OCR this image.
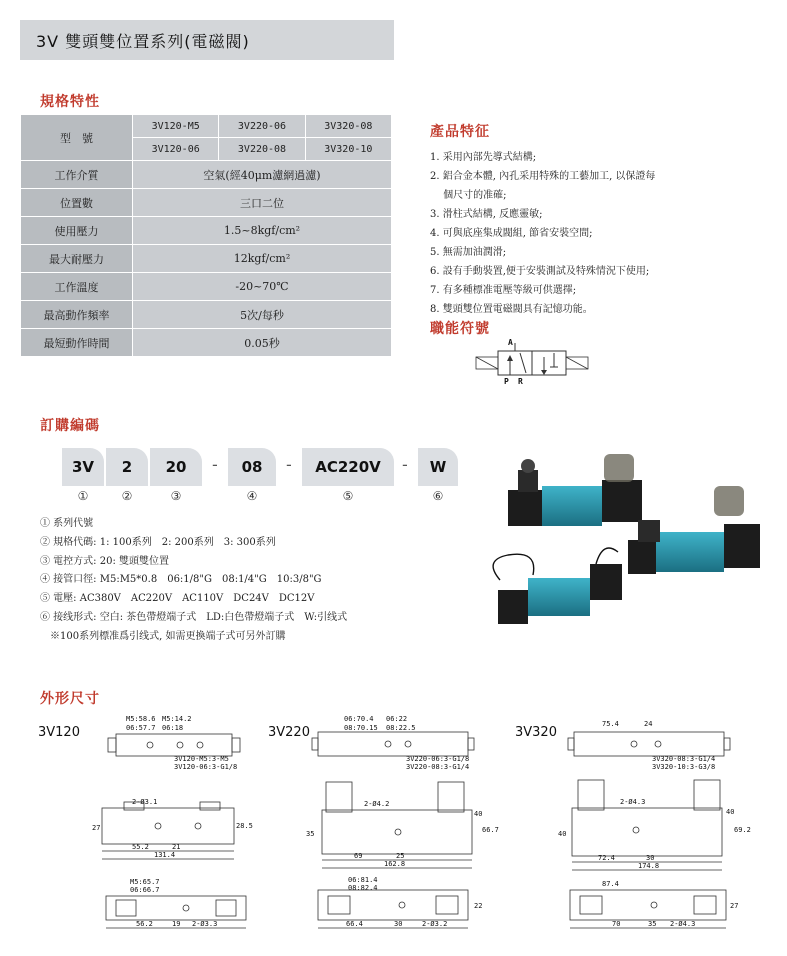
3V 雙頭雙位置系列(電磁閥)
規格特性
型　號	3V120-M5	3V220-06	3V320-08
	3V120-06	3V220-08	3V320-10
工作介質	空氣(經40μm濾網過濾)		
位置數	三口二位		
使用壓力	1.5~8kgf/cm²		
最大耐壓力	12kgf/cm²		
工作溫度	-20~70℃		
最高動作頻率	5次/每秒		
最短動作時間	0.05秒		
產品特征
1. 采用內部先導式結構;
2. 鋁合金本體, 內孔采用特殊的工藝加工, 以保證每
　 個尺寸的准確;
3. 滑柱式結構, 反應靈敏;
4. 可與底座集成閥組, 節省安裝空間;
5. 無需加油潤滑;
6. 設有手動裝置,便于安裝測試及特殊情況下使用;
7. 有多種標准電壓等級可供選擇;
8. 雙頭雙位置電磁閥具有記憶功能。
職能符號
A
P R
訂購編碼
3V	2	20	-	08	-	AC220V	-	W
①	②	③	④	⑤	⑥
① 系列代號
② 規格代碼: 1: 100系列　2: 200系列　3: 300系列
③ 電控方式: 20: 雙頭雙位置
④ 接管口徑: M5:M5*0.8　06:1/8"G　08:1/4"G　10:3/8"G
⑤ 電壓: AC380V　AC220V　AC110V　DC24V　DC12V
⑥ 接线形式: 空白: 茶色帶燈端子式　LD:白色帶燈端子式　W:引线式
　※100系列標准爲引线式, 如需更換端子式可另外訂購
外形尺寸
3V120	3V220	3V320
M5:58.6 M5:14.2
06:57.7 06:18
3V120-M5:3-M5
3V120-06:3-G1/8
2-Ø3.1
55.2	21
131.4
27	28.5
M5:65.7
06:66.7
56.2	19 2-Ø3.3
06:70.4 06:22
08:70.15 08:22.5
3V220-06:3-G1/8
3V220-08:3-G1/4
2-Ø4.2
69	25
162.8
35
40
66.7
06:81.4
08:82.4
66.4	30	2-Ø3.2
22
75.4	24
3V320-08:3-G1/4
3V320-10:3-G3/8
2-Ø4.3
72.4	30
174.8
40
40
69.2
87.4
70	35 2-Ø4.3
27
